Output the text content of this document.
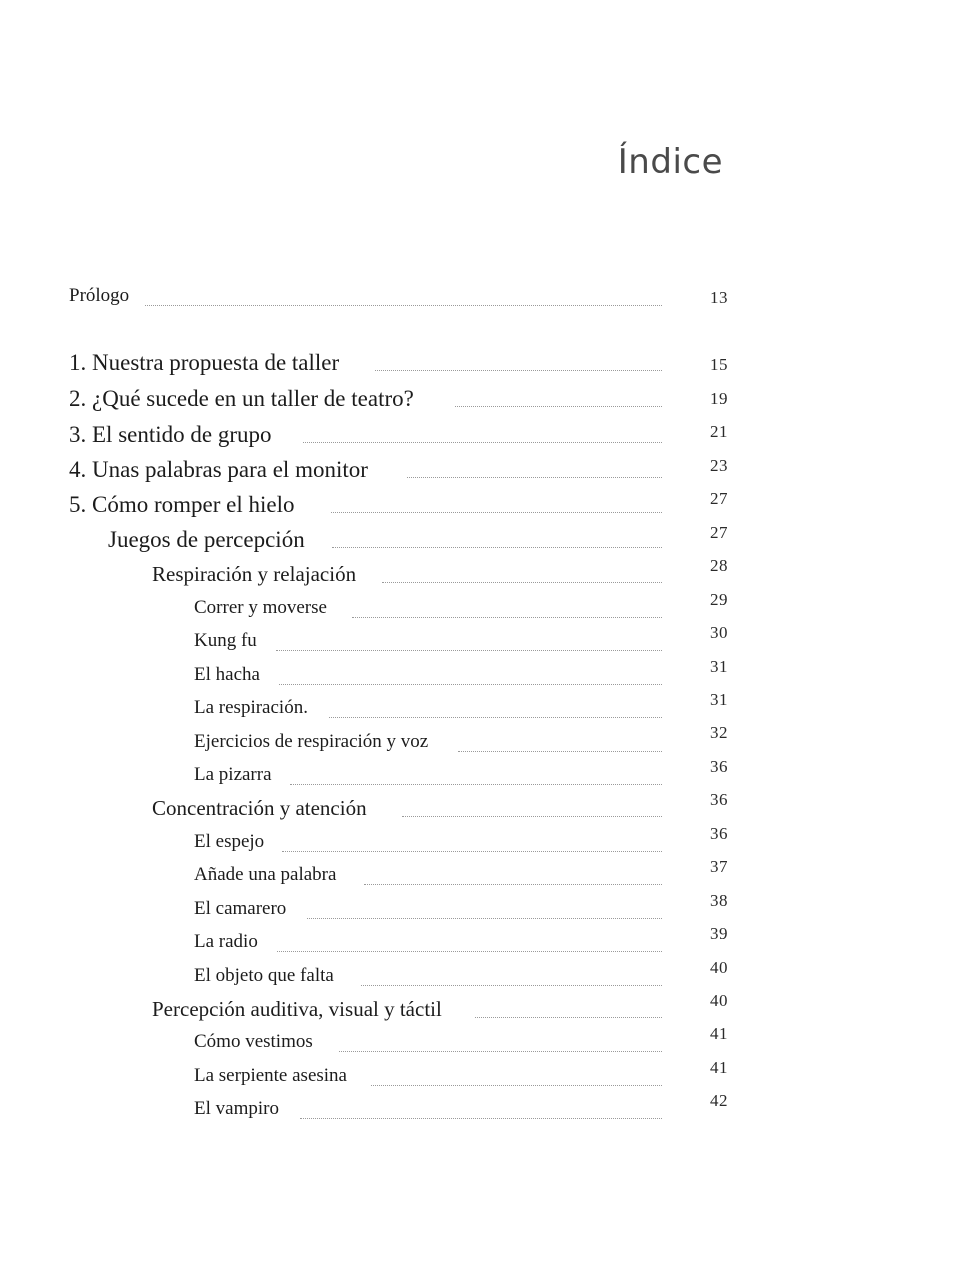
Índice
Prólogo	13
1. Nuestra propuesta de taller	15
2. ¿Qué sucede en un taller de teatro?	19
3. El sentido de grupo	21
4. Unas palabras para el monitor	23
5. Cómo romper el hielo	27
Juegos de percepción	27
Respiración y relajación	28
Correr y moverse	29
Kung fu	30
El hacha	31
La respiración.	31
Ejercicios de respiración y voz	32
La pizarra	36
Concentración y atención	36
El espejo	36
Añade una palabra	37
El camarero	38
La radio	39
El objeto que falta	40
Percepción auditiva, visual y táctil	40
Cómo vestimos	41
La serpiente asesina	41
El vampiro	42
